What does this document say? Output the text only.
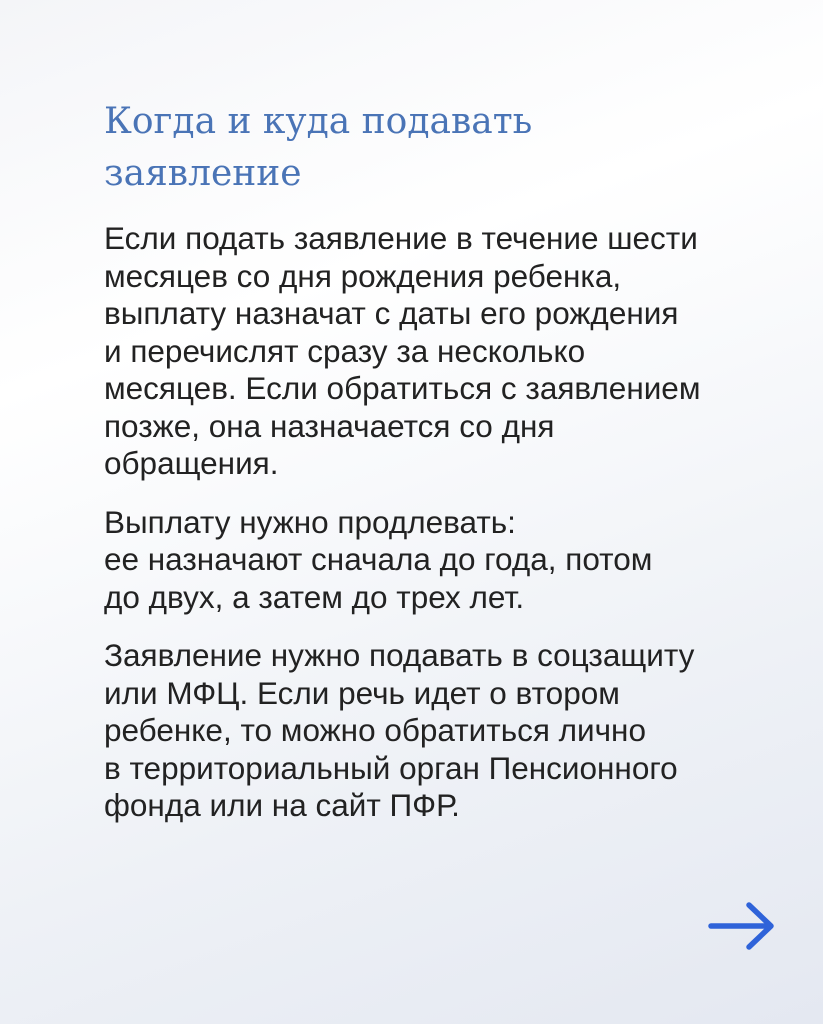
Когда и куда подавать
заявление

Если подать заявление в течение шести
месяцев со дня рождения ребенка,
выплату назначат с даты его рождения
и перечислят сразу за несколько
месяцев. Если обратиться с заявлением
позже, она назначается со дня
обращения.

Выплату нужно продлевать:
ее назначают сначала до года, потом
до двух, а затем до трех лет.

Заявление нужно подавать в соцзащиту
или МФЦ. Если речь идет о втором
ребенке, то можно обратиться лично
в территориальный орган Пенсионного
фонда или на сайт ПФР.
